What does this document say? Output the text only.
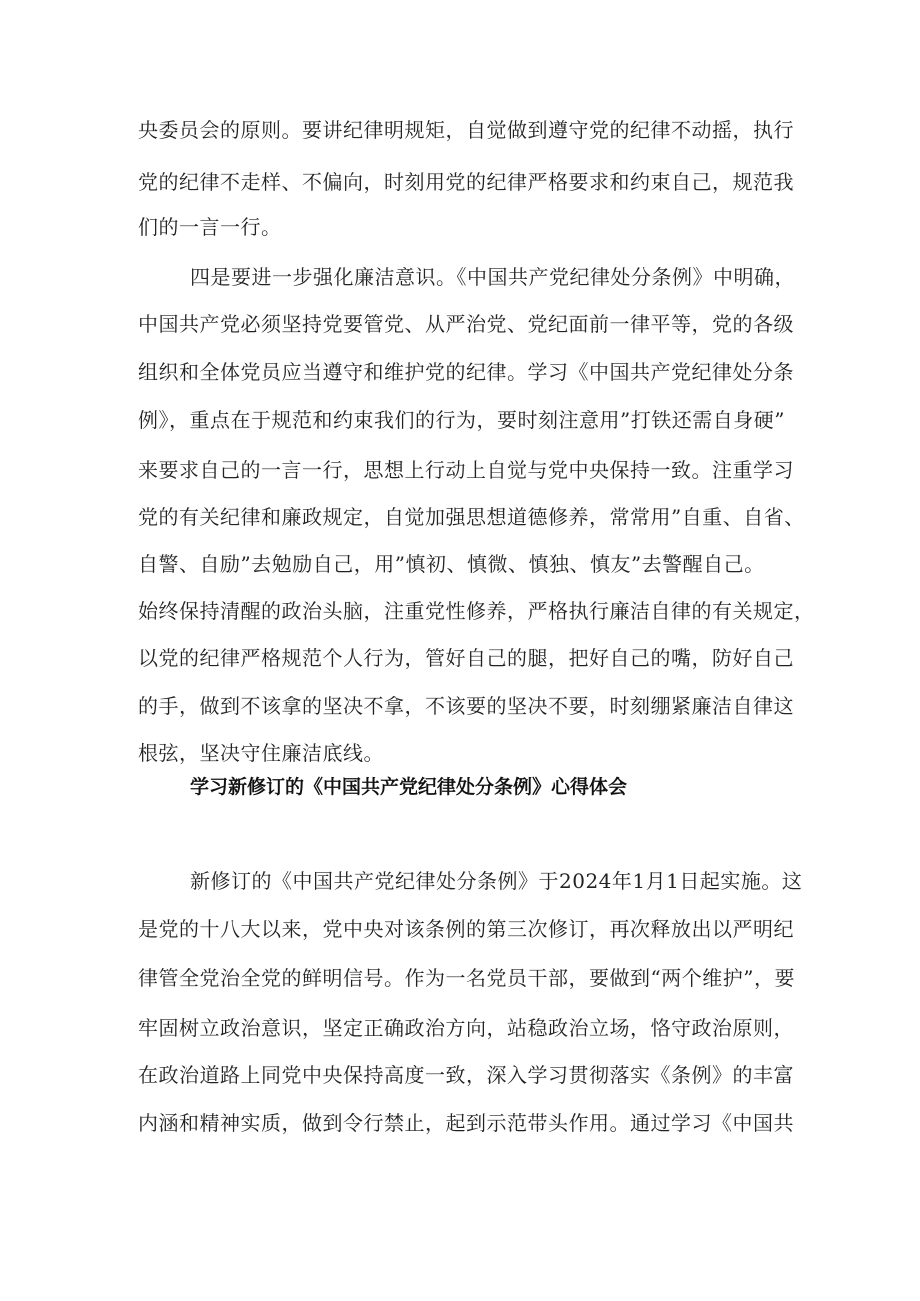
央委员会的原则。要讲纪律明规矩，自觉做到遵守党的纪律不动摇，执行
党的纪律不走样、不偏向，时刻用党的纪律严格要求和约束自己，规范我
们的一言一行。
四是要进一步强化廉洁意识。《中国共产党纪律处分条例》中明确，
中国共产党必须坚持党要管党、从严治党、党纪面前一律平等，党的各级
组织和全体党员应当遵守和维护党的纪律。学习《中国共产党纪律处分条
例》，重点在于规范和约束我们的行为，要时刻注意用”打铁还需自身硬”
来要求自己的一言一行，思想上行动上自觉与党中央保持一致。注重学习
党的有关纪律和廉政规定，自觉加强思想道德修养，常常用”自重、自省、
自警、自励”去勉励自己，用”慎初、慎微、慎独、慎友”去警醒自己。
始终保持清醒的政治头脑，注重党性修养，严格执行廉洁自律的有关规定，
以党的纪律严格规范个人行为，管好自己的腿，把好自己的嘴，防好自己
的手，做到不该拿的坚决不拿，不该要的坚决不要，时刻绷紧廉洁自律这
根弦，坚决守住廉洁底线。
学习新修订的《中国共产党纪律处分条例》心得体会
新修订的《中国共产党纪律处分条例》于2024年1月1日起实施。这
是党的十八大以来，党中央对该条例的第三次修订，再次释放出以严明纪
律管全党治全党的鲜明信号。作为一名党员干部，要做到“两个维护”，要
牢固树立政治意识，坚定正确政治方向，站稳政治立场，恪守政治原则，
在政治道路上同党中央保持高度一致，深入学习贯彻落实《条例》的丰富
内涵和精神实质，做到令行禁止，起到示范带头作用。通过学习《中国共
